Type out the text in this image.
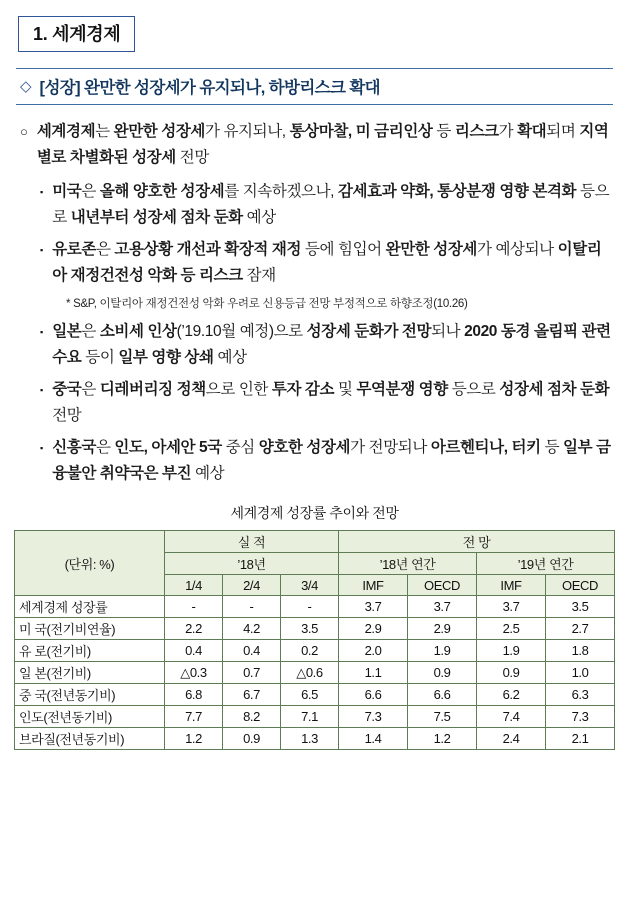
1. 세계경제
◇ [성장] 완만한 성장세가 유지되나, 하방리스크 확대
○ 세계경제는 완만한 성장세가 유지되나, 통상마찰, 미 금리인상 등 리스크가 확대되며 지역별로 차별화된 성장세 전망
▪ 미국은 올해 양호한 성장세를 지속하겠으나, 감세효과 약화, 통상분쟁 영향 본격화 등으로 내년부터 성장세 점차 둔화 예상
▪ 유로존은 고용상황 개선과 확장적 재정 등에 힘입어 완만한 성장세가 예상되나 이탈리아 재정건전성 악화 등 리스크 잠재
* S&P, 이탈리아 재정건전성 악화 우려로 신용등급 전망 부정적으로 하향조정(10.26)
▪ 일본은 소비세 인상(’19.10월 예정)으로 성장세 둔화가 전망되나 2020 동경 올림픽 관련 수요 등이 일부 영향 상쇄 예상
▪ 중국은 디레버리징 정책으로 인한 투자 감소 및 무역분쟁 영향 등으로 성장세 점차 둔화 전망
▪ 신흥국은 인도, 아세안 5국 중심 양호한 성장세가 전망되나 아르헨티나, 터키 등 일부 금융불안 취약국은 부진 예상
세계경제 성장률 추이와 전망
(단위: %)	실 적			전 망			
	’18년			’18년 연간		’19년 연간	
	1/4	2/4	3/4	IMF	OECD	IMF	OECD
세계경제 성장률	-	-	-	3.7	3.7	3.7	3.5
미 국(전기비연율)	2.2	4.2	3.5	2.9	2.9	2.5	2.7
유 로(전기비)	0.4	0.4	0.2	2.0	1.9	1.9	1.8
일 본(전기비)	△0.3	0.7	△0.6	1.1	0.9	0.9	1.0
중 국(전년동기비)	6.8	6.7	6.5	6.6	6.6	6.2	6.3
인도(전년동기비)	7.7	8.2	7.1	7.3	7.5	7.4	7.3
브라질(전년동기비)	1.2	0.9	1.3	1.4	1.2	2.4	2.1
